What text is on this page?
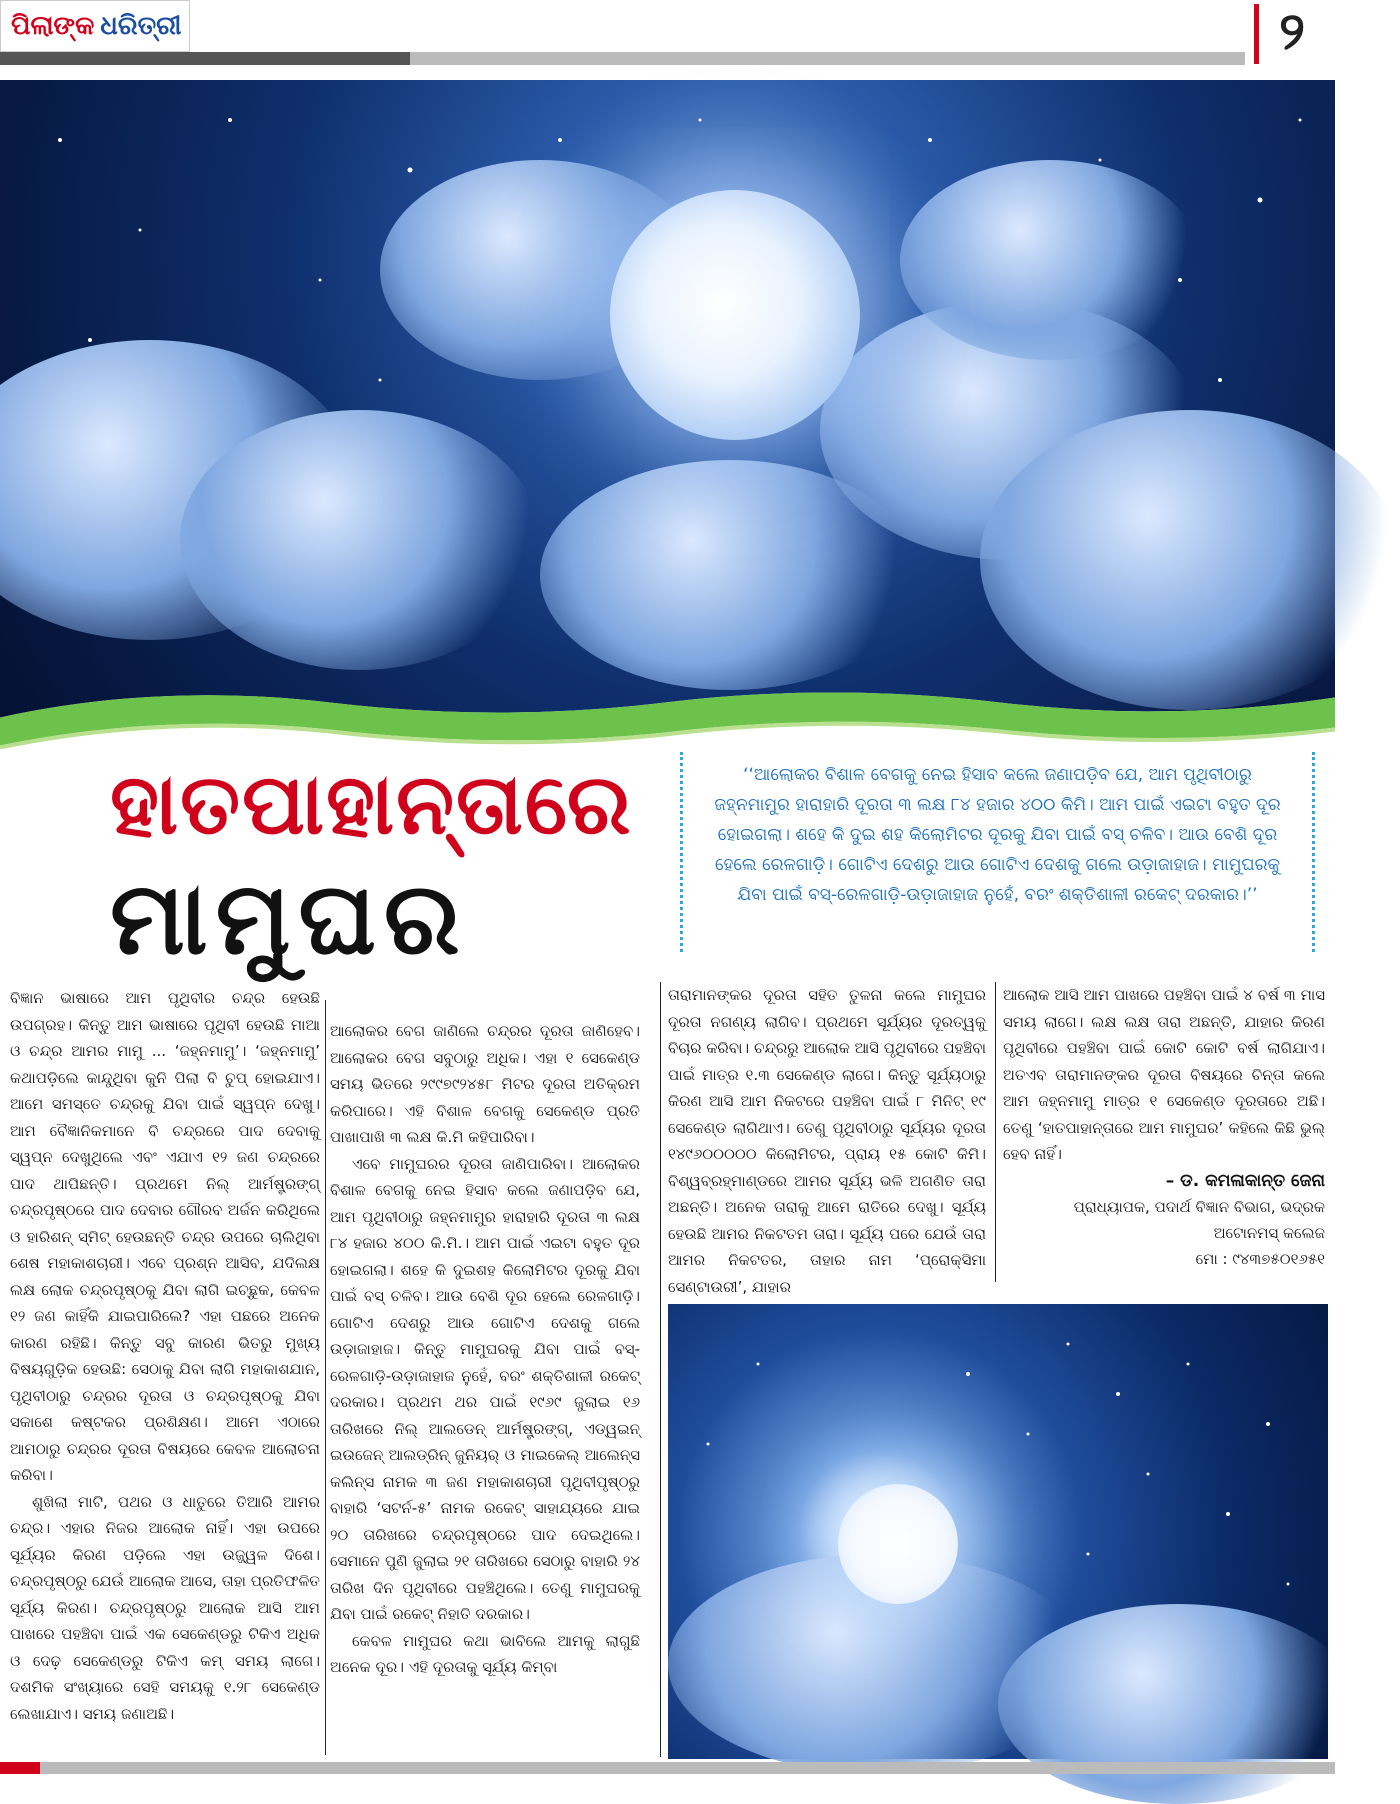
ପିଲାଙ୍କ ଧରିତ୍ରୀ	୨
ହାତପାହାନ୍ତାରେ
ମାମୁଘର
‘‘ଆଲୋକର ବିଶାଳ ବେଗକୁ ନେଇ ହିସାବ କଲେ ଜଣାପଡ଼ିବ ଯେ, ଆମ ପୃଥିବୀଠାରୁ ଜହ୍ନମାମୁର ହାରାହାରି ଦୂରତା ୩ ଲକ୍ଷ ୮୪ ହଜାର ୪୦୦ କିମି। ଆମ ପାଇଁ ଏଇଟା ବହୁତ ଦୂର ହୋଇଗଲା। ଶହେ କି ଦୁଇ ଶହ କିଲୋମିଟର ଦୂରକୁ ଯିବା ପାଇଁ ବସ୍ ଚଳିବ। ଆଉ ବେଶି ଦୂର ହେଲେ ରେଳଗାଡ଼ି। ଗୋଟିଏ ଦେଶରୁ ଆଉ ଗୋଟିଏ ଦେଶକୁ ଗଲେ ଉଡ଼ାଜାହାଜ। ମାମୁଘରକୁ ଯିବା ପାଇଁ ବସ୍-ରେଳଗାଡ଼ି-ଉଡ଼ାଜାହାଜ ନୁହେଁ, ବରଂ ଶକ୍ତିଶାଳୀ ରକେଟ୍ ଦରକାର।’’

ବିଜ୍ଞାନ ଭାଷାରେ ଆମ ପୃଥିବୀର ଚନ୍ଦ୍ର ହେଉଛି ଉପଗ୍ରହ। କିନ୍ତୁ ଆମ ଭାଷାରେ ପୃଥିବୀ ହେଉଛି ମାଆ ଓ ଚନ୍ଦ୍ର ଆମର ମାମୁ ... ‘ଜହ୍ନମାମୁ’। ‘ଜହ୍ନମାମୁ’ କଥାପଡ଼ିଲେ କାନ୍ଦୁଥିବା କୁନି ପିଲା ବି ଚୁପ୍ ହୋଇଯାଏ। ଆମେ ସମସ୍ତେ ଚନ୍ଦ୍ରକୁ ଯିବା ପାଇଁ ସ୍ୱପ୍ନ ଦେଖୁ। ଆମ ବୈଜ୍ଞାନିକମାନେ ବି ଚନ୍ଦ୍ରରେ ପାଦ ଦେବାକୁ ସ୍ୱପ୍ନ ଦେଖୁଥିଲେ ଏବଂ ଏଯାଏ ୧୨ ଜଣ ଚନ୍ଦ୍ରରେ ପାଦ ଥାପିଛନ୍ତି। ପ୍ରଥମେ ନିଲ୍ ଆର୍ମଷ୍ଟ୍ରଙ୍ଗ୍ ଚନ୍ଦ୍ରପୃଷ୍ଠରେ ପାଦ ଦେବାର ଗୌରବ ଅର୍ଜନ କରିଥିଲେ ଓ ହାରିଶନ୍ ସ୍ମିଟ୍ ହେଉଛନ୍ତି ଚନ୍ଦ୍ର ଉପରେ ଚାଲିଥିବା ଶେଷ ମହାକାଶଚାରୀ। ଏବେ ପ୍ରଶ୍ନ ଆସିବ, ଯଦିଲକ୍ଷ ଲକ୍ଷ ଲୋକ ଚନ୍ଦ୍ରପୃଷ୍ଠକୁ ଯିବା ଲାଗି ଇଚ୍ଛୁକ, କେବଳ ୧୨ ଜଣ କାହିଁକି ଯାଇପାରିଲେ? ଏହା ପଛରେ ଅନେକ କାରଣ ରହିଛି। କିନ୍ତୁ ସବୁ କାରଣ ଭିତରୁ ମୁଖ୍ୟ ବିଷୟଗୁଡ଼ିକ ହେଉଛି: ସେଠାକୁ ଯିବା ଲାଗି ମହାକାଶଯାନ, ପୃଥିବୀଠାରୁ ଚନ୍ଦ୍ରର ଦୂରତା ଓ ଚନ୍ଦ୍ରପୃଷ୍ଠକୁ ଯିବା ସକାଶେ କଷ୍ଟକର ପ୍ରଶିକ୍ଷଣ। ଆମେ ଏଠାରେ ଆମଠାରୁ ଚନ୍ଦ୍ରର ଦୂରତା ବିଷୟରେ କେବଳ ଆଲୋଚନା କରିବା।

ଶୁଖିଲା ମାଟି, ପଥର ଓ ଧାତୁରେ ତିଆରି ଆମର ଚନ୍ଦ୍ର। ଏହାର ନିଜର ଆଲୋକ ନାହିଁ। ଏହା ଉପରେ ସୂର୍ଯ୍ୟର କିରଣ ପଡ଼ିଲେ ଏହା ଉଜ୍ଜ୍ୱଳ ଦିଶେ। ଚନ୍ଦ୍ରପୃଷ୍ଠରୁ ଯେଉଁ ଆଲୋକ ଆସେ, ତାହା ପ୍ରତିଫଳିତ ସୂର୍ଯ୍ୟ କିରଣ। ଚନ୍ଦ୍ରପୃଷ୍ଠରୁ ଆଲୋକ ଆସି ଆମ ପାଖରେ ପହଞ୍ଚିବା ପାଇଁ ଏକ ସେକେଣ୍ଡରୁ ଟିକିଏ ଅଧିକ ଓ ଦେଢ଼ ସେକେଣ୍ଡରୁ ଟିକିଏ କମ୍ ସମୟ ଲାଗେ। ଦଶମିକ ସଂଖ୍ୟାରେ ସେହି ସମୟକୁ ୧.୨୮ ସେକେଣ୍ଡ ଲେଖାଯାଏ। ସମୟ ଜଣାଅଛି।

ଆଲୋକର ବେଗ ଜାଣିଲେ ଚନ୍ଦ୍ରର ଦୂରତା ଜାଣିହେବ। ଆଲୋକର ବେଗ ସବୁଠାରୁ ଅଧିକ। ଏହା ୧ ସେକେଣ୍ଡ ସମୟ ଭିତରେ ୨୯୯୭୯୨୪୫୮ ମିଟର ଦୂରତା ଅତିକ୍ରମ କରିପାରେ। ଏହି ବିଶାଳ ବେଗକୁ ସେକେଣ୍ଡ ପ୍ରତି ପାଖାପାଖି ୩ ଲକ୍ଷ କି.ମି କହିପାରିବା।

ଏବେ ମାମୁଘରର ଦୂରତା ଜାଣିପାରିବା। ଆଲୋକର ବିଶାଳ ବେଗକୁ ନେଇ ହିସାବ କଲେ ଜଣାପଡ଼ିବ ଯେ, ଆମ ପୃଥିବୀଠାରୁ ଜହ୍ନମାମୁର ହାରାହାରି ଦୂରତା ୩ ଲକ୍ଷ ୮୪ ହଜାର ୪୦୦ କି.ମି.। ଆମ ପାଇଁ ଏଇଟା ବହୁତ ଦୂର ହୋଇଗଲା। ଶହେ କି ଦୁଇଶହ କିଲୋମିଟର ଦୂରକୁ ଯିବା ପାଇଁ ବସ୍ ଚଳିବ। ଆଉ ବେଶି ଦୂର ହେଲେ ରେଳଗାଡ଼ି। ଗୋଟିଏ ଦେଶରୁ ଆଉ ଗୋଟିଏ ଦେଶକୁ ଗଲେ ଉଡ଼ାଜାହାଜ। କିନ୍ତୁ ମାମୁଘରକୁ ଯିବା ପାଇଁ ବସ୍-ରେଳଗାଡ଼ି-ଉଡ଼ାଜାହାଜ ନୁହେଁ, ବରଂ ଶକ୍ତିଶାଳୀ ରକେଟ୍ ଦରକାର। ପ୍ରଥମ ଥର ପାଇଁ ୧୯୬୯ ଜୁଲାଇ ୧୬ ତାରିଖରେ ନିଲ୍ ଆଲଡେନ୍ ଆର୍ମଷ୍ଟ୍ରଙ୍ଗ୍, ଏଡ୍ୱଇନ୍ ଇଉଜେନ୍ ଆଲଡ୍ରିନ୍ ଜୁନିୟର୍ ଓ ମାଇକେଲ୍ ଆଲେନ୍ସ କଲିନ୍ସ ନାମକ ୩ ଜଣ ମହାକାଶଚାରୀ ପୃଥିବୀପୃଷ୍ଠରୁ ବାହାରି ‘ସଟର୍ନ-୫’ ନାମକ ରକେଟ୍ ସାହାଯ୍ୟରେ ଯାଇ ୨୦ ତାରିଖରେ ଚନ୍ଦ୍ରପୃଷ୍ଠରେ ପାଦ ଦେଇଥିଲେ। ସେମାନେ ପୁଣି ଜୁଲାଇ ୨୧ ତାରିଖରେ ସେଠାରୁ ବାହାରି ୨୪ ତାରିଖ ଦିନ ପୃଥିବୀରେ ପହଞ୍ଚିଥିଲେ। ତେଣୁ ମାମୁଘରକୁ ଯିବା ପାଇଁ ରକେଟ୍ ନିହାତି ଦରକାର।

କେବଳ ମାମୁଘର କଥା ଭାବିଲେ ଆମକୁ ଲାଗୁଛି ଅନେକ ଦୂର। ଏହି ଦୂରତାକୁ ସୂର୍ଯ୍ୟ କିମ୍ବା

ତାରାମାନଙ୍କର ଦୂରତା ସହିତ ତୁଳନା କଲେ ମାମୁଘର ଦୂରତା ନଗଣ୍ୟ ଲାଗିବ। ପ୍ରଥମେ ସୂର୍ଯ୍ୟର ଦୂରତ୍ୱକୁ ବିଚାର କରିବା। ଚନ୍ଦ୍ରରୁ ଆଲୋକ ଆସି ପୃଥିବୀରେ ପହଞ୍ଚିବା ପାଇଁ ମାତ୍ର ୧.୩ ସେକେଣ୍ଡ ଲାଗେ। କିନ୍ତୁ ସୂର୍ଯ୍ୟଠାରୁ କିରଣ ଆସି ଆମ ନିକଟରେ ପହଞ୍ଚିବା ପାଇଁ ୮ ମିନିଟ୍ ୧୯ ସେକେଣ୍ଡ ଲାଗିଥାଏ। ତେଣୁ ପୃଥିବୀଠାରୁ ସୂର୍ଯ୍ୟର ଦୂରତା ୧୪୯୬୦୦୦୦୦ କିଲୋମିଟର, ପ୍ରାୟ ୧୫ କୋଟି କିମି। ବିଶ୍ୱବ୍ରହ୍ମାଣ୍ଡରେ ଆମର ସୂର୍ଯ୍ୟ ଭଳି ଅଗଣିତ ତାରା ଅଛନ୍ତି। ଅନେକ ତାରାକୁ ଆମେ ରାତିରେ ଦେଖୁ। ସୂର୍ଯ୍ୟ ହେଉଛି ଆମର ନିକଟତମ ତାରା। ସୂର୍ଯ୍ୟ ପରେ ଯେଉଁ ତାରା ଆମର ନିକଟତର, ତାହାର ନାମ ‘ପ୍ରୋକ୍ସିମା ସେଣ୍ଟାଉରୀ’, ଯାହାର

ଆଲୋକ ଆସି ଆମ ପାଖରେ ପହଞ୍ଚିବା ପାଇଁ ୪ ବର୍ଷ ୩ ମାସ ସମୟ ଲାଗେ। ଲକ୍ଷ ଲକ୍ଷ ତାରା ଅଛନ୍ତି, ଯାହାର କିରଣ ପୃଥିବୀରେ ପହଞ୍ଚିବା ପାଇଁ କୋଟି କୋଟି ବର୍ଷ ଲାଗିଯାଏ। ଅତଏବ ତାରାମାନଙ୍କର ଦୂରତା ବିଷୟରେ ଚିନ୍ତା କଲେ ଆମ ଜହ୍ନମାମୁ ମାତ୍ର ୧ ସେକେଣ୍ଡ ଦୂରତାରେ ଅଛି। ତେଣୁ ‘ହାତପାହାନ୍ତାରେ ଆମ ମାମୁଘର’ କହିଲେ କିଛି ଭୁଲ୍ ହେବ ନାହିଁ।

– ଡ. କମଳାକାନ୍ତ ଜେନା
ପ୍ରାଧ୍ୟାପକ, ପଦାର୍ଥ ବିଜ୍ଞାନ ବିଭାଗ, ଭଦ୍ରକ
ଅଟୋନମସ୍ କଲେଜ
ମୋ : ୯୪୩୭୫୦୧୬୫୧
